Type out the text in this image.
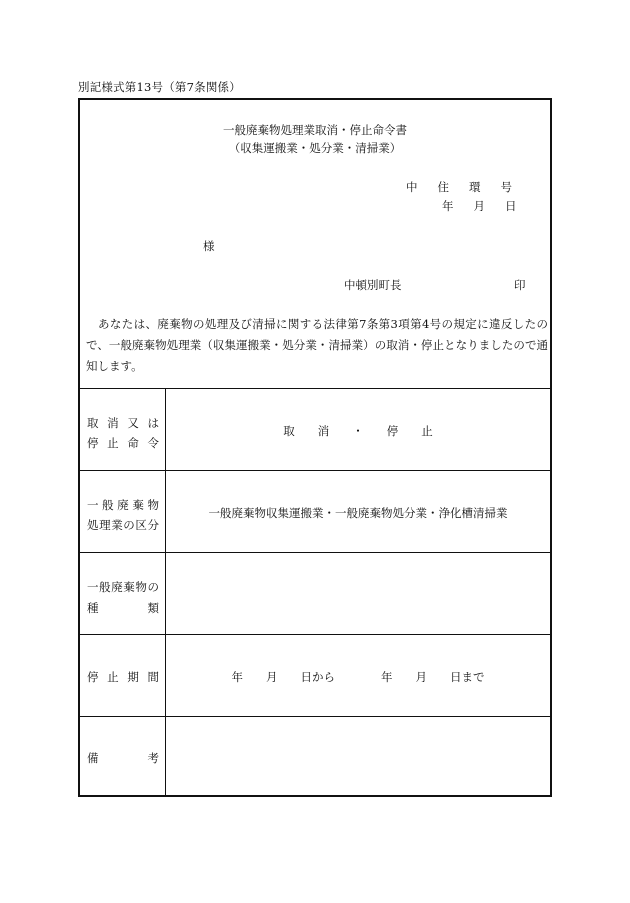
別記様式第13号（第7条関係）
一般廃棄物処理業取消・停止命令書
（収集運搬業・処分業・清掃業）
中住環号
年月日
様
中頓別町長	印
あなたは、廃棄物の処理及び清掃に関する法律第7条第3項第4号の規定に違反したので、一般廃棄物処理業（収集運搬業・処分業・清掃業）の取消・停止となりましたので通知します。
取消又は
停止命令
取　　消　　・　　停　　止
一般廃棄物
処理業の区分
一般廃棄物収集運搬業・一般廃棄物処分業・浄化槽清掃業
一般廃棄物の
種類
停止期間	年　　月　　日から　　　　年　　月　　日まで
備考
